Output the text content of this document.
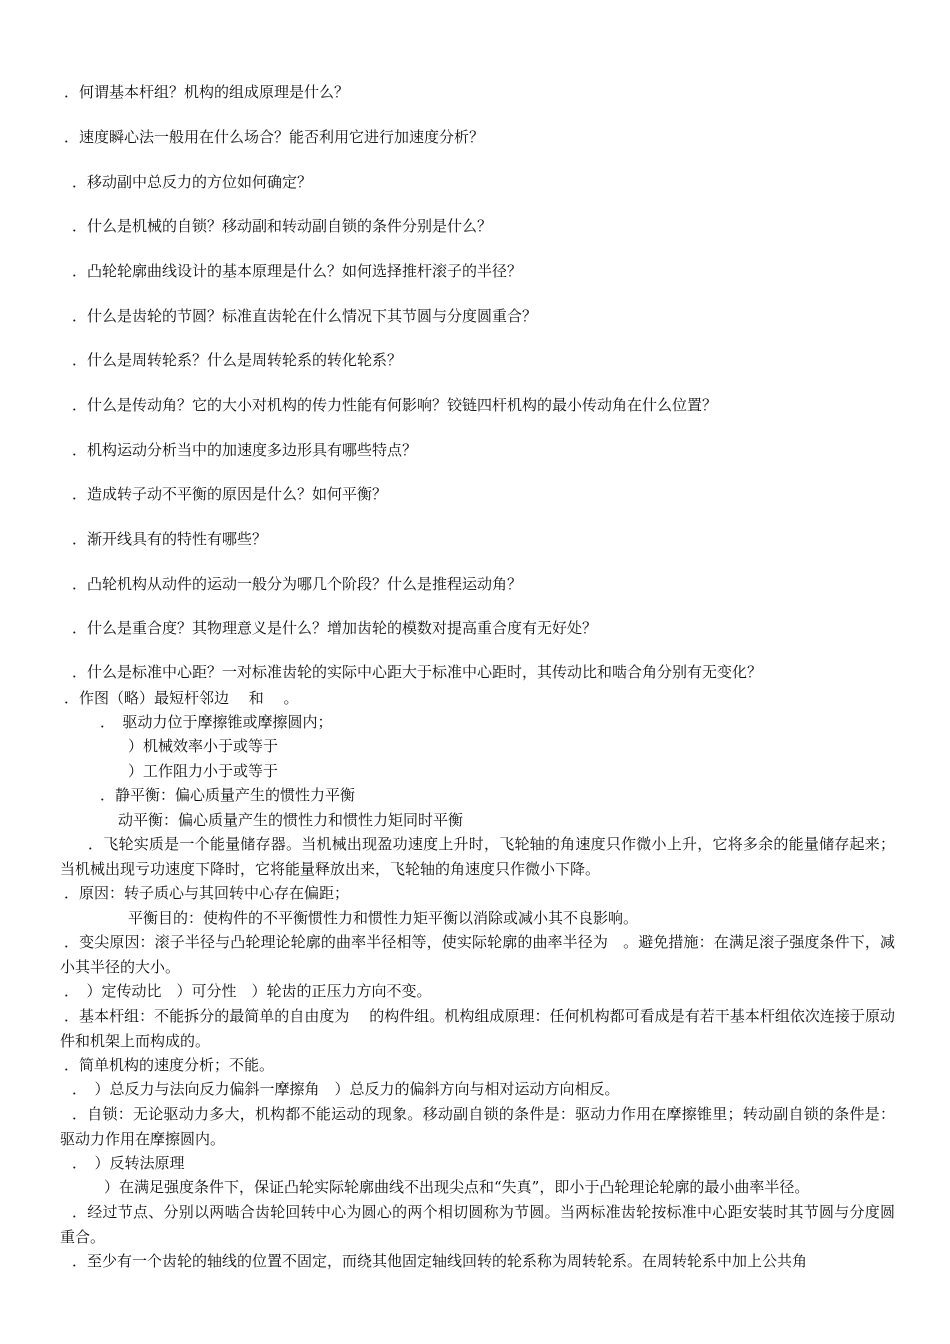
．何谓基本杆组？机构的组成原理是什么？
．速度瞬心法一般用在什么场合？能否利用它进行加速度分析？
．移动副中总反力的方位如何确定？
．什么是机械的自锁？移动副和转动副自锁的条件分别是什么？
．凸轮轮廓曲线设计的基本原理是什么？如何选择推杆滚子的半径？
．什么是齿轮的节圆？标准直齿轮在什么情况下其节圆与分度圆重合？
．什么是周转轮系？什么是周转轮系的转化轮系？
．什么是传动角？它的大小对机构的传力性能有何影响？铰链四杆机构的最小传动角在什么位置？
．机构运动分析当中的加速度多边形具有哪些特点？
．造成转子动不平衡的原因是什么？如何平衡？
．渐开线具有的特性有哪些？
．凸轮机构从动件的运动一般分为哪几个阶段？什么是推程运动角？
．什么是重合度？其物理意义是什么？增加齿轮的模数对提高重合度有无好处？
．什么是标准中心距？一对标准齿轮的实际中心距大于标准中心距时，其传动比和啮合角分别有无变化？
．作图（略）最短杆邻边　 和　 。
．　驱动力位于摩擦锥或摩擦圆内；
）机械效率小于或等于
）工作阻力小于或等于
．静平衡：偏心质量产生的惯性力平衡
动平衡：偏心质量产生的惯性力和惯性力矩同时平衡
．飞轮实质是一个能量储存器。当机械出现盈功速度上升时，飞轮轴的角速度只作微小上升，它将多余的能量储存起来；当机械出现亏功速度下降时，它将能量释放出来，飞轮轴的角速度只作微小下降。
．原因：转子质心与其回转中心存在偏距；
平衡目的：使构件的不平衡惯性力和惯性力矩平衡以消除或减小其不良影响。
．变尖原因：滚子半径与凸轮理论轮廓的曲率半径相等，使实际轮廓的曲率半径为　。避免措施：在满足滚子强度条件下，减小其半径的大小。
．　）定传动比　）可分性　）轮齿的正压力方向不变。
．基本杆组：不能拆分的最简单的自由度为　 的构件组。机构组成原理：任何机构都可看成是有若干基本杆组依次连接于原动件和机架上而构成的。
．简单机构的速度分析；不能。
．　）总反力与法向反力偏斜一摩擦角　）总反力的偏斜方向与相对运动方向相反。
．自锁：无论驱动力多大，机构都不能运动的现象。移动副自锁的条件是：驱动力作用在摩擦锥里；转动副自锁的条件是：驱动力作用在摩擦圆内。
．　）反转法原理
）在满足强度条件下，保证凸轮实际轮廓曲线不出现尖点和“失真”，即小于凸轮理论轮廓的最小曲率半径。
．经过节点、分别以两啮合齿轮回转中心为圆心的两个相切圆称为节圆。当两标准齿轮按标准中心距安装时其节圆与分度圆重合。
．至少有一个齿轮的轴线的位置不固定，而绕其他固定轴线回转的轮系称为周转轮系。在周转轮系中加上公共角
